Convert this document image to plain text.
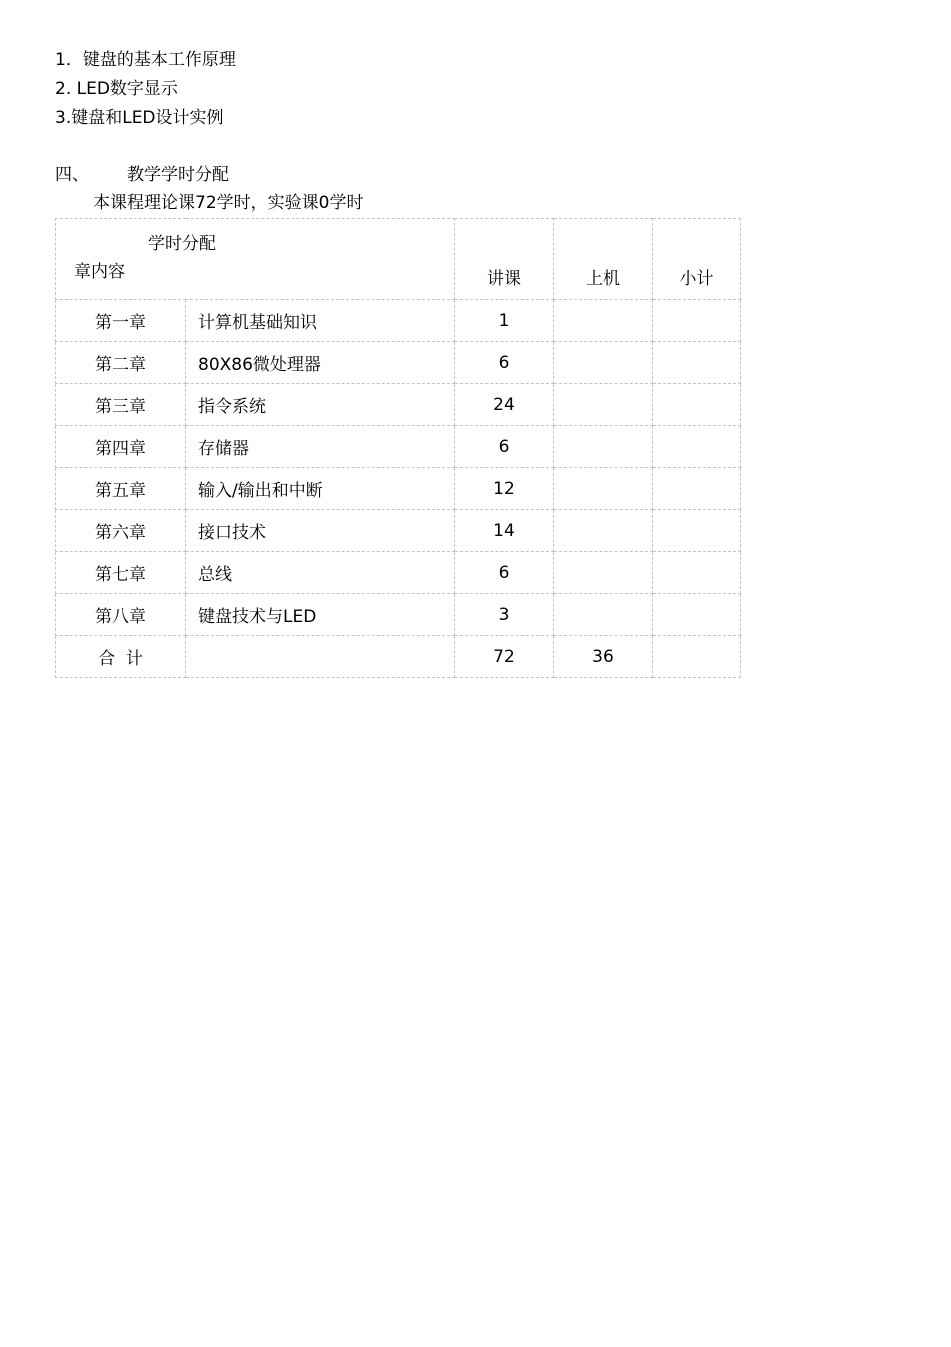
1．键盘的基本工作原理
2. LED数字显示
3.键盘和LED设计实例
四、 教学学时分配
本课程理论课72学时，实验课0学时
学时分配
章内容		讲课	上机	小计
第一章	计算机基础知识	1		
第二章	80X86微处理器	6		
第三章	指令系统	24		
第四章	存储器	6		
第五章	输入/输出和中断	12		
第六章	接口技术	14		
第七章	总线	6		
第八章	键盘技术与LED	3		
合  计		72	36	
